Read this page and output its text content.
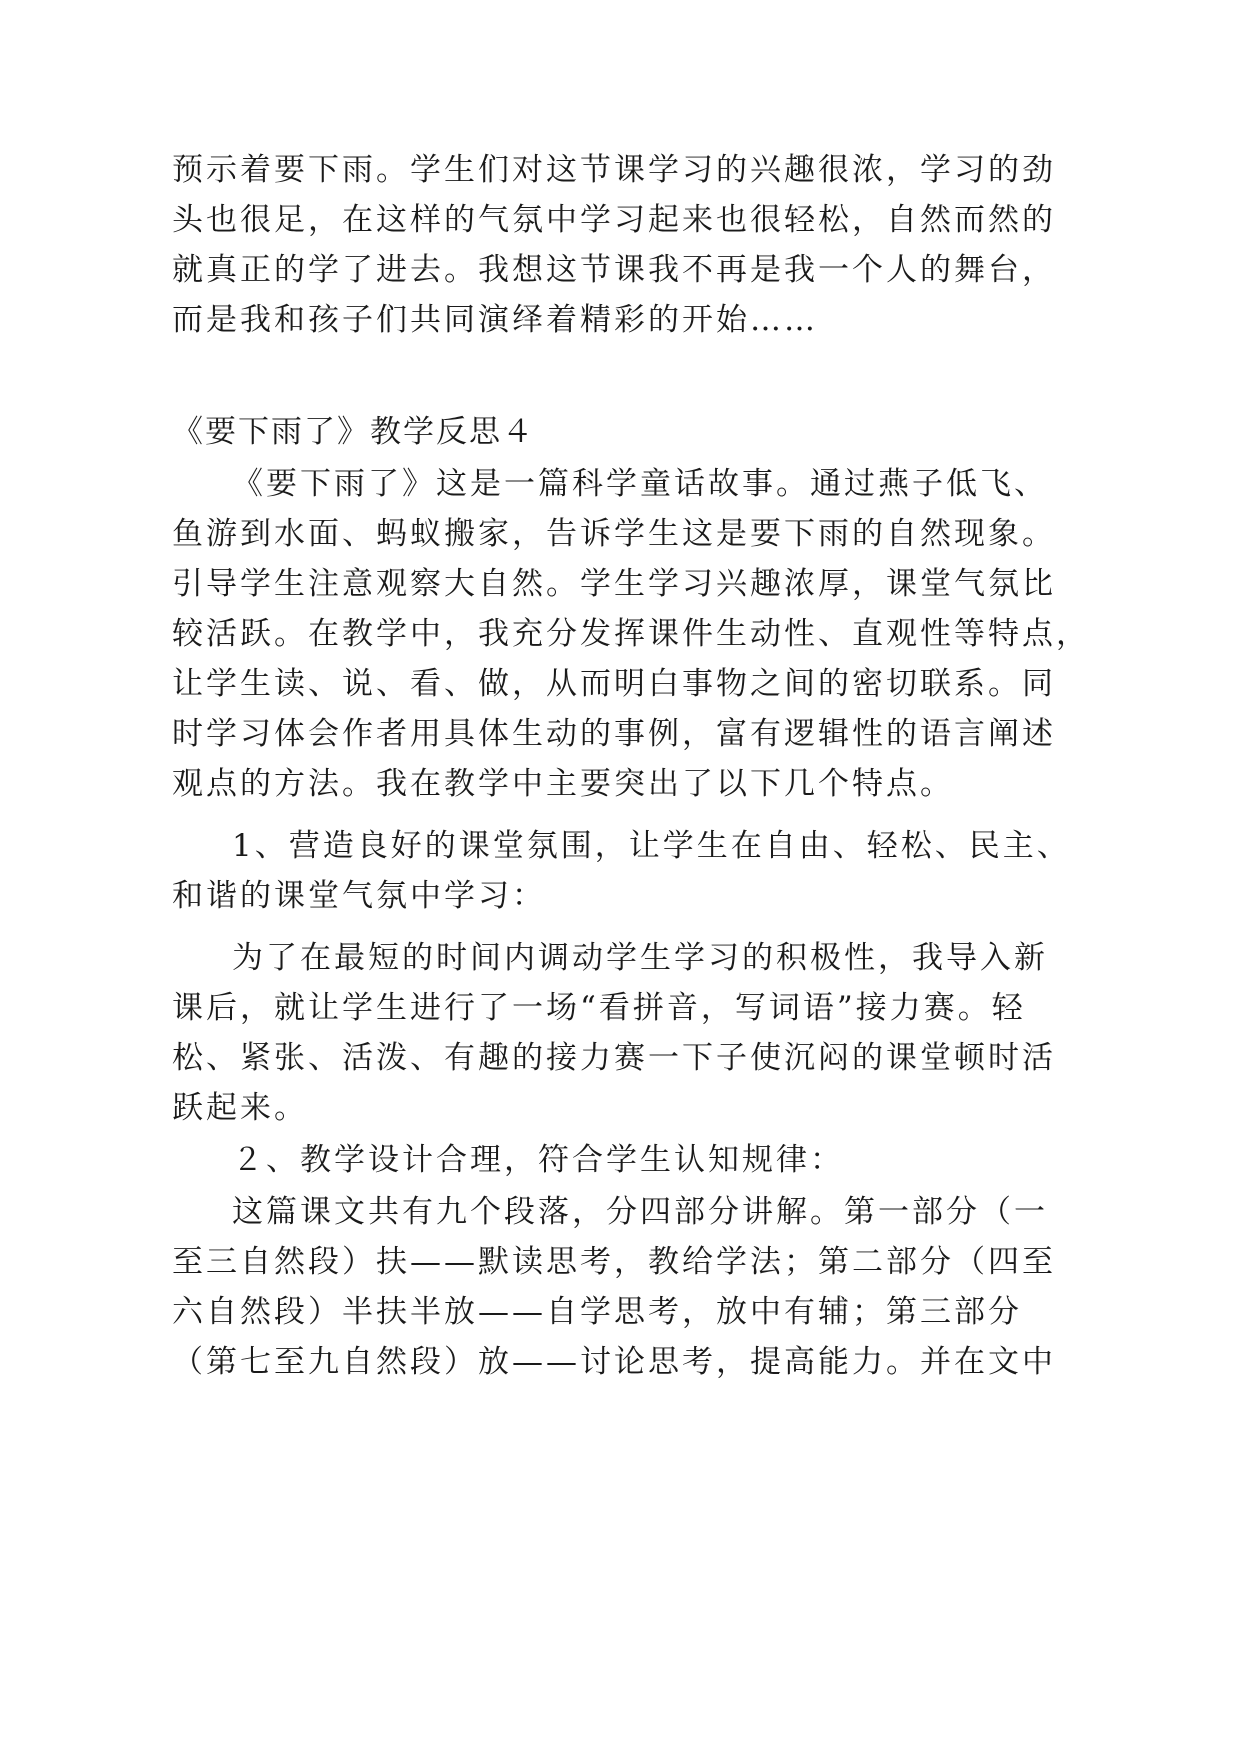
预示着要下雨。学生们对这节课学习的兴趣很浓，学习的劲
头也很足，在这样的气氛中学习起来也很轻松，自然而然的
就真正的学了进去。我想这节课我不再是我一个人的舞台，
而是我和孩子们共同演绎着精彩的开始……
《要下雨了》教学反思４
《要下雨了》这是一篇科学童话故事。通过燕子低飞、
鱼游到水面、蚂蚁搬家，告诉学生这是要下雨的自然现象。
引导学生注意观察大自然。学生学习兴趣浓厚，课堂气氛比
较活跃。在教学中，我充分发挥课件生动性、直观性等特点，
让学生读、说、看、做，从而明白事物之间的密切联系。同
时学习体会作者用具体生动的事例，富有逻辑性的语言阐述
观点的方法。我在教学中主要突出了以下几个特点。
1、营造良好的课堂氛围，让学生在自由、轻松、民主、
和谐的课堂气氛中学习：
为了在最短的时间内调动学生学习的积极性，我导入新
课后，就让学生进行了一场“看拼音，写词语”接力赛。轻
松、紧张、活泼、有趣的接力赛一下子使沉闷的课堂顿时活
跃起来。
２、教学设计合理，符合学生认知规律：
这篇课文共有九个段落，分四部分讲解。第一部分（一
至三自然段）扶——默读思考，教给学法；第二部分（四至
六自然段）半扶半放——自学思考，放中有辅；第三部分
（第七至九自然段）放——讨论思考，提高能力。并在文中
